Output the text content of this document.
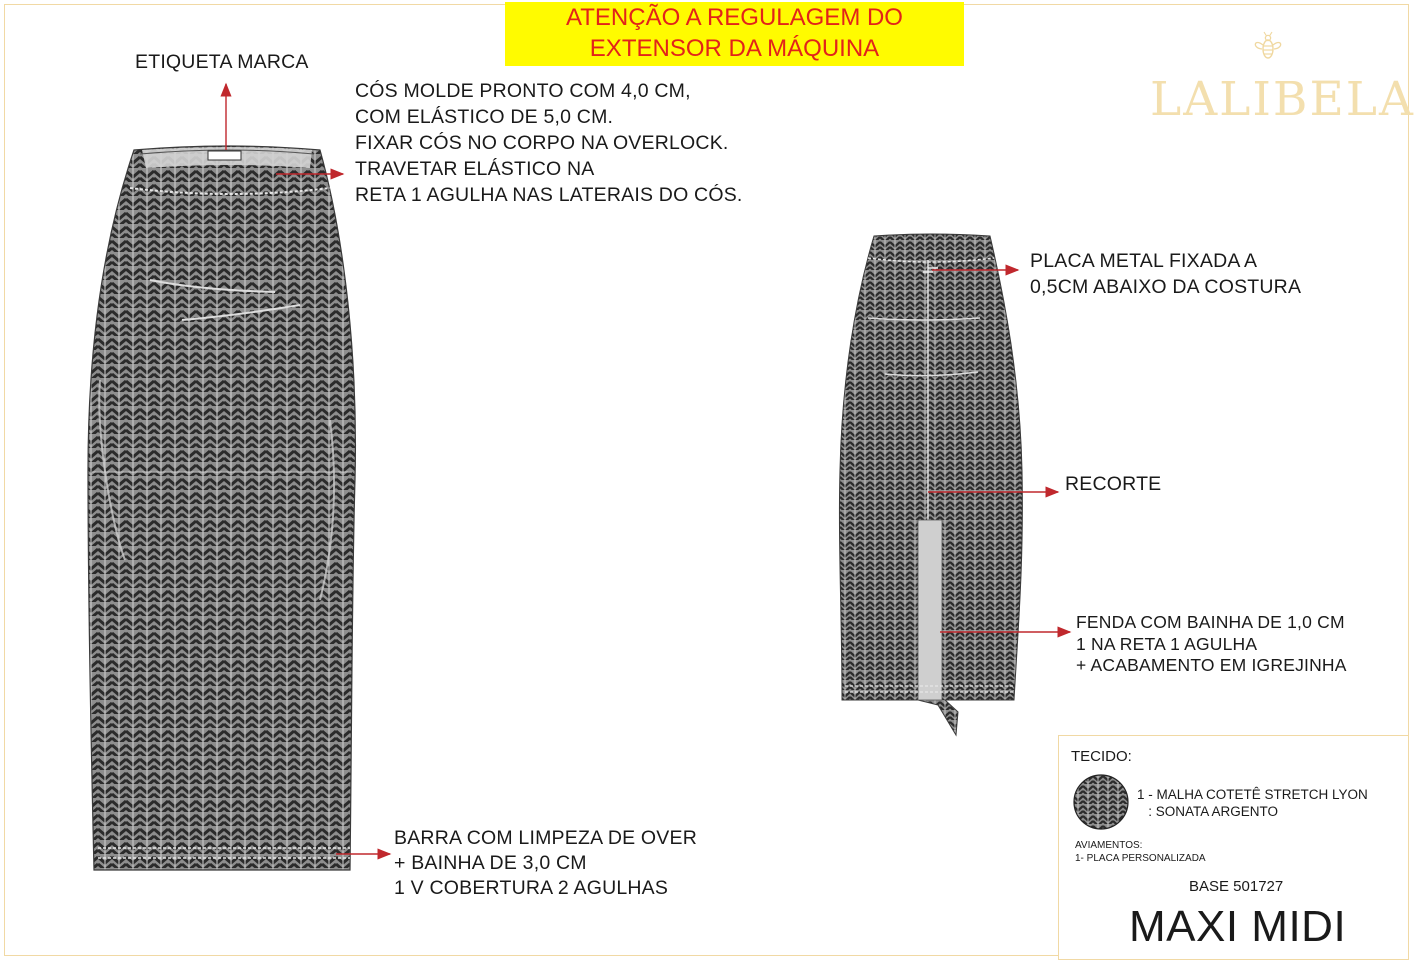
ATENÇÃO A REGULAGEM DO
EXTENSOR DA MÁQUINA
LALIBELA
ETIQUETA MARCA
CÓS MOLDE PRONTO COM 4,0 CM,
COM ELÁSTICO DE 5,0 CM.
FIXAR CÓS NO CORPO NA OVERLOCK.
TRAVETAR ELÁSTICO NA
RETA 1 AGULHA NAS LATERAIS DO CÓS.
BARRA COM LIMPEZA DE OVER
+ BAINHA DE 3,0 CM
1 V COBERTURA 2 AGULHAS
PLACA METAL FIXADA A
0,5CM ABAIXO DA COSTURA
RECORTE
FENDA COM BAINHA DE 1,0 CM
1 NA RETA 1 AGULHA
+ ACABAMENTO EM IGREJINHA
TECIDO:
1 - MALHA COTETÊ STRETCH LYON
: SONATA ARGENTO
AVIAMENTOS:
1- PLACA PERSONALIZADA
BASE 501727
MAXI MIDI
